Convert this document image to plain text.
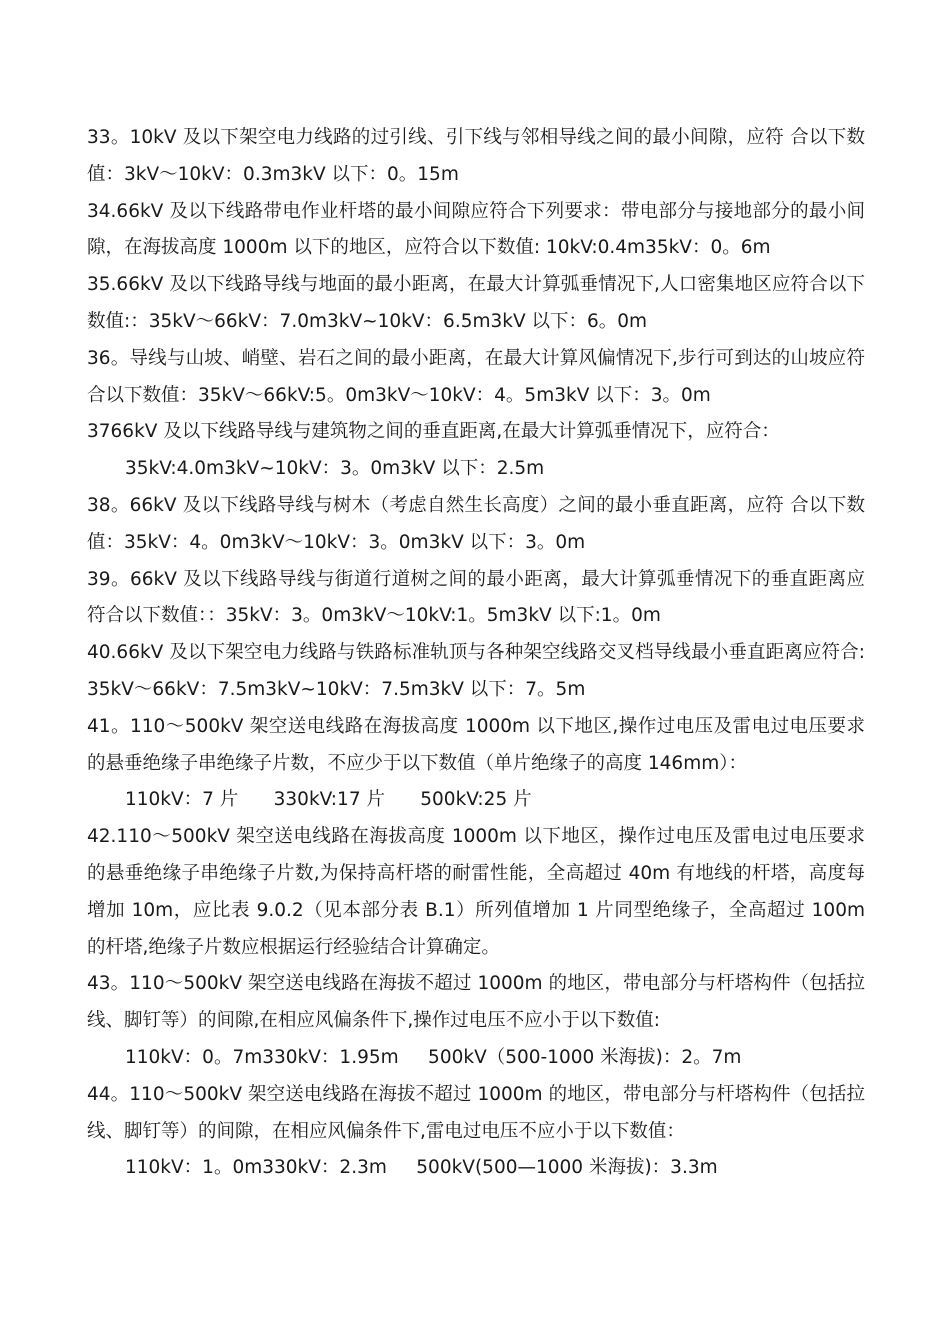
33。10kV 及以下架空电力线路的过引线、引下线与邻相导线之间的最小间隙，应符 合以下数值：3kV～10kV：0.3m3kV 以下：0。15m

34.66kV 及以下线路带电作业杆塔的最小间隙应符合下列要求：带电部分与接地部分的最小间隙，在海拔高度 1000m 以下的地区，应符合以下数值: 10kV:0.4m35kV：0。6m

35.66kV 及以下线路导线与地面的最小距离，在最大计算弧垂情况下,人口密集地区应符合以下数值:：35kV～66kV：7.0m3kV~10kV：6.5m3kV 以下：6。0m

36。导线与山坡、峭壁、岩石之间的最小距离，在最大计算风偏情况下,步行可到达的山坡应符合以下数值：35kV～66kV:5。0m3kV～10kV：4。5m3kV 以下：3。0m

3766kV 及以下线路导线与建筑物之间的垂直距离,在最大计算弧垂情况下，应符合：

35kV:4.0m3kV~10kV：3。0m3kV 以下：2.5m

38。66kV 及以下线路导线与树木（考虑自然生长高度）之间的最小垂直距离，应符 合以下数值：35kV：4。0m3kV～10kV：3。0m3kV 以下：3。0m

39。66kV 及以下线路导线与街道行道树之间的最小距离，最大计算弧垂情况下的垂直距离应符合以下数值：：35kV：3。0m3kV～10kV:1。5m3kV 以下:1。0m

40.66kV 及以下架空电力线路与铁路标准轨顶与各种架空线路交叉档导线最小垂直距离应符合:35kV～66kV：7.5m3kV~10kV：7.5m3kV 以下：7。5m

41。110～500kV 架空送电线路在海拔高度 1000m 以下地区,操作过电压及雷电过电压要求的悬垂绝缘子串绝缘子片数，不应少于以下数值（单片绝缘子的高度 146mm）：

110kV：7 片 330kV:17 片 500kV:25 片

42.110～500kV 架空送电线路在海拔高度 1000m 以下地区，操作过电压及雷电过电压要求的悬垂绝缘子串绝缘子片数,为保持高杆塔的耐雷性能，全高超过 40m 有地线的杆塔，高度每增加 10m，应比表 9.0.2（见本部分表 B.1）所列值增加 1 片同型绝缘子，全高超过 100m 的杆塔,绝缘子片数应根据运行经验结合计算确定。

43。110～500kV 架空送电线路在海拔不超过 1000m 的地区，带电部分与杆塔构件（包括拉线、脚钉等）的间隙,在相应风偏条件下,操作过电压不应小于以下数值:

110kV：0。7m330kV：1.95m 500kV（500-1000 米海拔)：2。7m

44。110～500kV 架空送电线路在海拔不超过 1000m 的地区，带电部分与杆塔构件（包括拉线、脚钉等）的间隙，在相应风偏条件下,雷电过电压不应小于以下数值：

110kV：1。0m330kV：2.3m 500kV(500—1000 米海拔)：3.3m
